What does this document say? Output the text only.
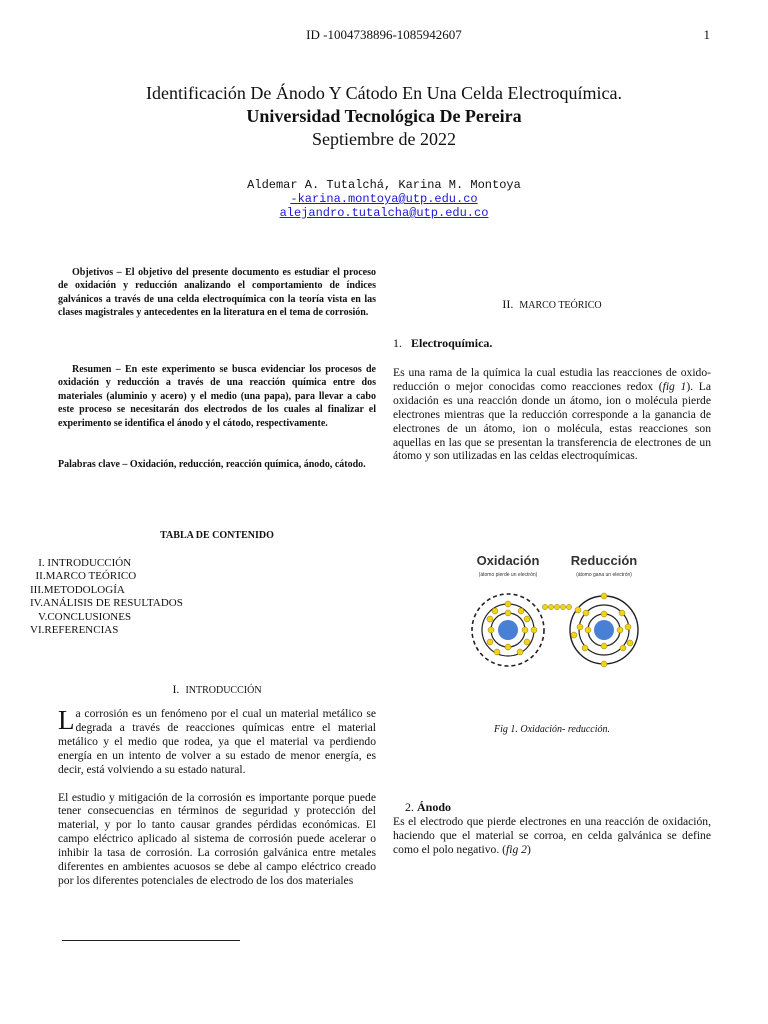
ID -1004738896-1085942607	1
Identificación De Ánodo Y Cátodo En Una Celda Electroquímica.
Universidad Tecnológica De Pereira
Septiembre de 2022
Aldemar A. Tutalchá, Karina M. Montoya
-karina.montoya@utp.edu.co
alejandro.tutalcha@utp.edu.co

Objetivos – El objetivo del presente documento es estudiar el proceso de oxidación y reducción analizando el comportamiento de índices galvánicos a través de una celda electroquímica con la teoría vista en las clases magistrales y antecedentes en la literatura en el tema de corrosión.

Resumen – En este experimento se busca evidenciar los procesos de oxidación y reducción a través de una reacción química entre dos materiales (aluminio y acero) y el medio (una papa), para llevar a cabo este proceso se necesitarán dos electrodos de los cuales al finalizar el experimento se identifica el ánodo y el cátodo, respectivamente.

Palabras clave – Oxidación, reducción, reacción química, ánodo, cátodo.

TABLA DE CONTENIDO
I. INTRODUCCIÓN
II.MARCO TEÓRICO
III.METODOLOGÍA
IV.ANÁLISIS DE RESULTADOS
V.CONCLUSIONES
VI.REFERENCIAS
I. INTRODUCCIÓN

La corrosión es un fenómeno por el cual un material metálico se degrada a través de reacciones químicas entre el material metálico y el medio que rodea, ya que el material va perdiendo energía en un intento de volver a su estado de menor energía, es decir, está volviendo a su estado natural.

El estudio y mitigación de la corrosión es importante porque puede tener consecuencias en términos de seguridad y protección del material, y por lo tanto causar grandes pérdidas económicas. El campo eléctrico aplicado al sistema de corrosión puede acelerar o inhibir la tasa de corrosión. La corrosión galvánica entre metales diferentes en ambientes acuosos se debe al campo eléctrico creado por los diferentes potenciales de electrodo de los dos materiales

II. MARCO TEÓRICO
1. Electroquímica.

Es una rama de la química la cual estudia las reacciones de oxido-reducción o mejor conocidas como reacciones redox (fig 1). La oxidación es una reacción donde un átomo, ion o molécula pierde electrones mientras que la reducción corresponde a la ganancia de electrones de un átomo, ion o molécula, estas reacciones son aquellas en las que se presentan la transferencia de electrones de un átomo y son utilizadas en las celdas electroquímicas.

Oxidación
(átomo pierde un electrón)
Reducción
(átomo gana un electrón)
Fig 1. Oxidación- reducción.
2. Ánodo

Es el electrodo que pierde electrones en una reacción de oxidación, haciendo que el material se corroa, en celda galvánica se define como el polo negativo. (fig 2)
